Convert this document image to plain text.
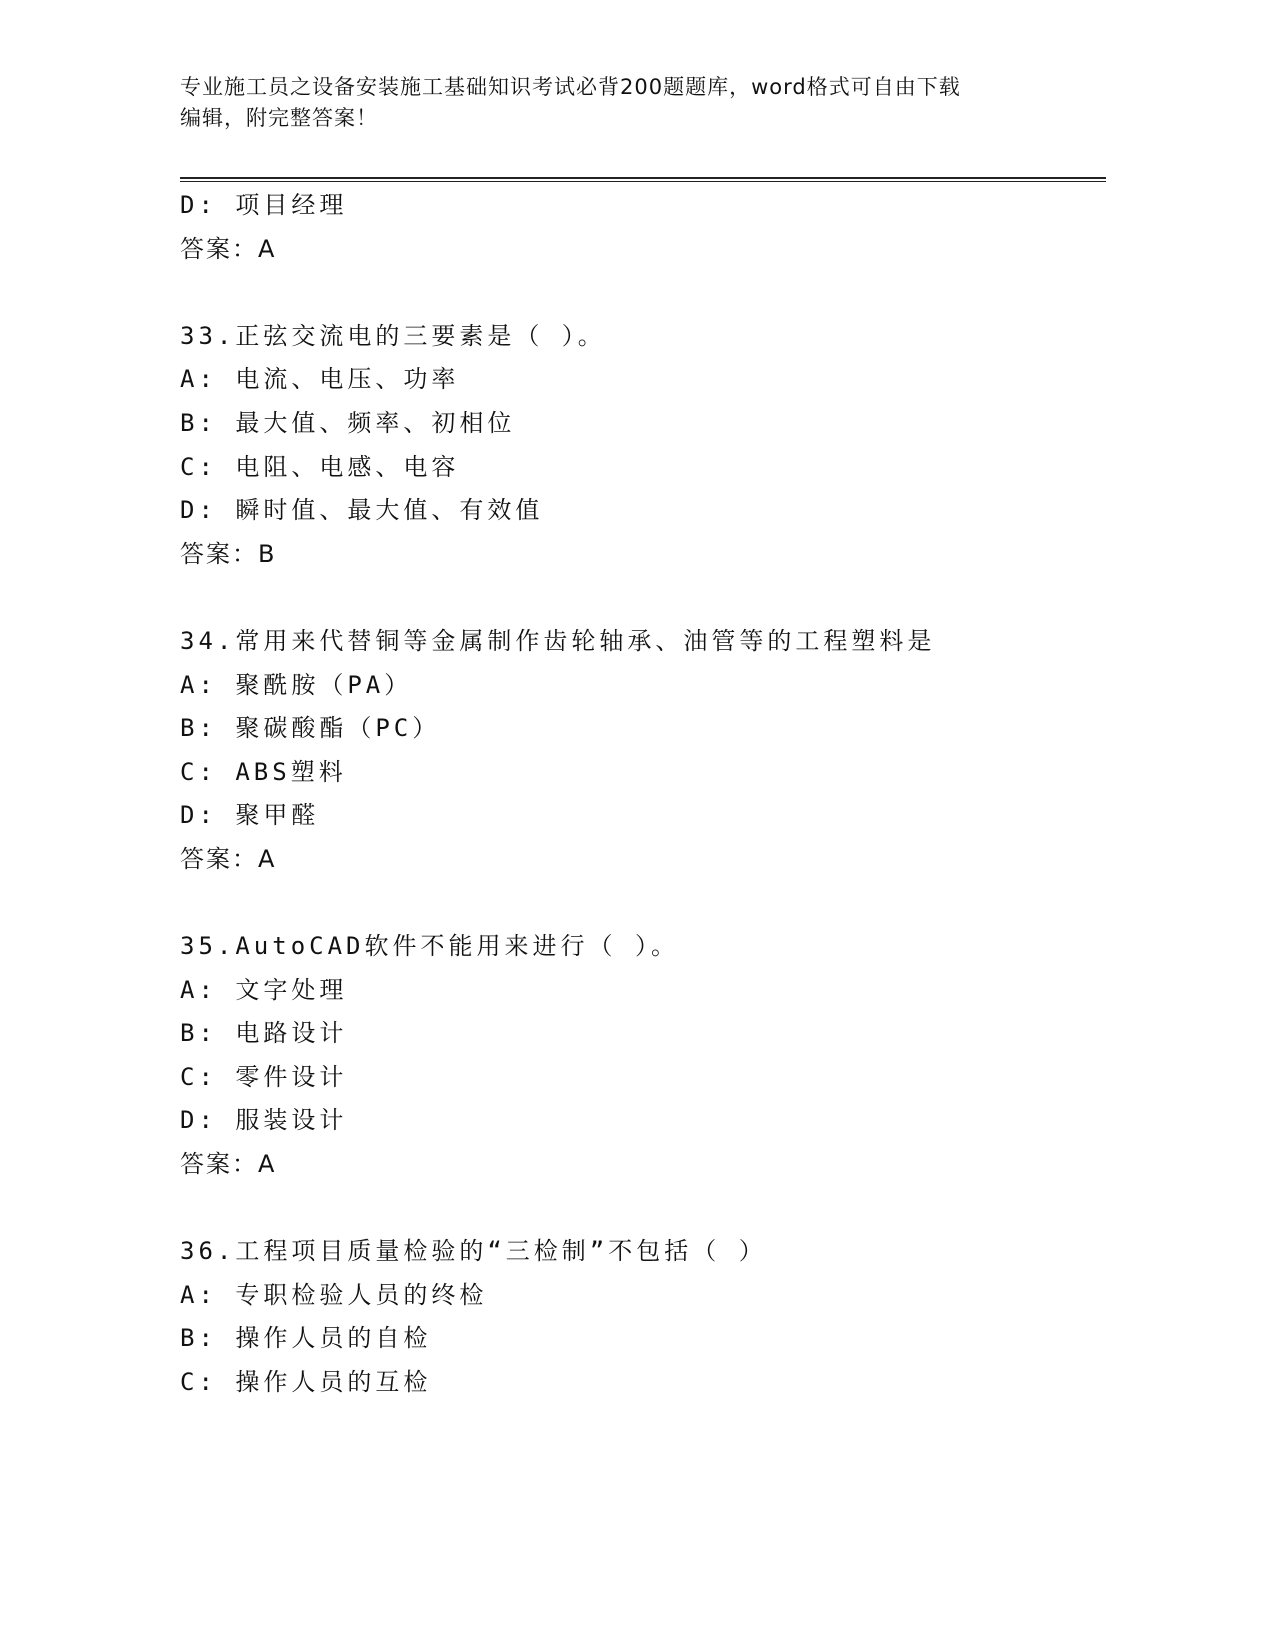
专业施工员之设备安装施工基础知识考试必背200题题库，word格式可自由下载
编辑，附完整答案！
D: 项目经理
答案：A
33.正弦交流电的三要素是（ ）。
A: 电流、电压、功率
B: 最大值、频率、初相位
C: 电阻、电感、电容
D: 瞬时值、最大值、有效值
答案：B
34.常用来代替铜等金属制作齿轮轴承、油管等的工程塑料是
A: 聚酰胺（PA）
B: 聚碳酸酯（PC）
C: ABS塑料
D: 聚甲醛
答案：A
35.AutoCAD软件不能用来进行（ ）。
A: 文字处理
B: 电路设计
C: 零件设计
D: 服装设计
答案：A
36.工程项目质量检验的“三检制”不包括（ ）
A: 专职检验人员的终检
B: 操作人员的自检
C: 操作人员的互检
